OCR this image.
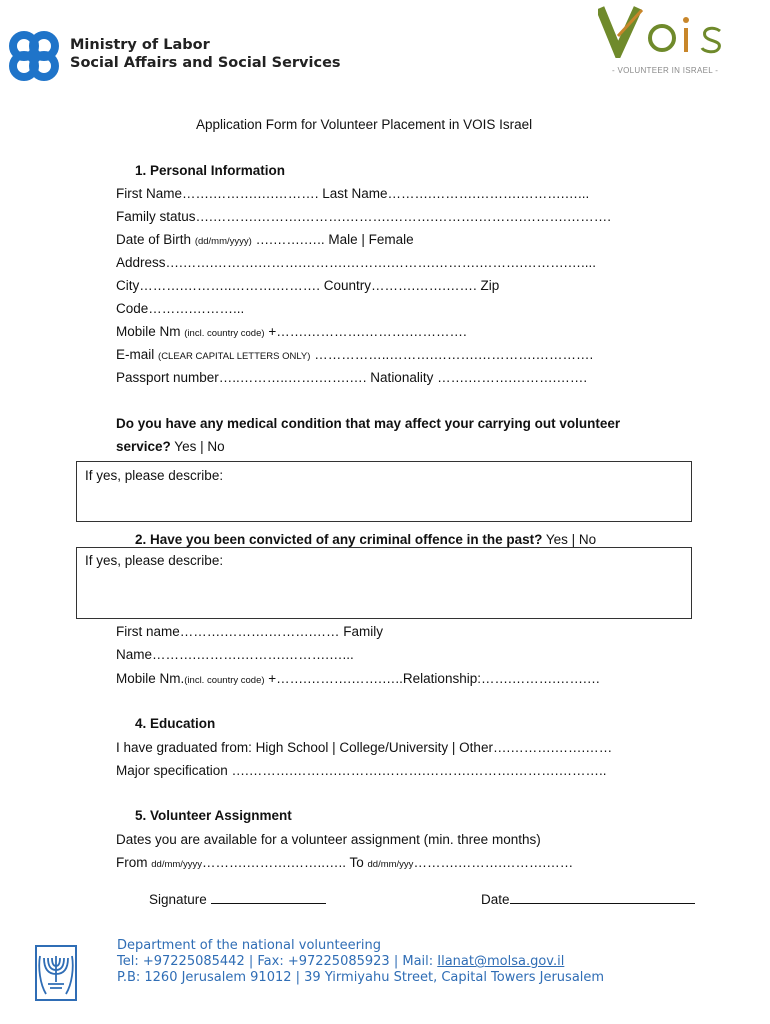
Ministry of Labor
Social Affairs and Social Services	- VOLUNTEER IN ISRAEL -
Application Form for Volunteer Placement in VOIS Israel
1. Personal Information
First Name…….……….….………. Last Name……….……….……….……….…...
Family status….……….……….……….……….……….……….……….……….……….
Date of Birth (dd/mm/yyyy) ….…….….. Male | Female
Address….…….……….……….……….……….……….……….……….……….…....
City……….………..……….………. Country……….…….……. Zip
Code……….………...
Mobile Nm (incl. country code) +…….………….……….………….
E-mail (CLEAR CAPITAL LETTERS ONLY) ……………..……….……….………….………….
Passport number…..………..…….…….…. Nationality …….……….……….…….
Do you have any medical condition that may affect your carrying out volunteer
service? Yes | No
If yes, please describe:
2. Have you been convicted of any criminal offence in the past? Yes | No
If yes, please describe:
First name……….……….……….…… Family
Name……….……….……….……….…...
Mobile Nm.(incl. country code) +…….……….…….…..Relationship:…….……….…….…
4. Education
I have graduated from: High School | College/University | Other….……….…….……
Major specification ….……….……….……….……….……….……….……….………..
5. Volunteer Assignment
Dates you are available for a volunteer assignment (min. three months)
From dd/mm/yyyy……….……….……..….. To dd/mm/yyy……….……….……….……
Signature	Date
Department of the national volunteering
Tel: +97225085442 | Fax: +97225085923 | Mail: Ilanat@molsa.gov.il
P.B: 1260 Jerusalem 91012 | 39 Yirmiyahu Street, Capital Towers Jerusalem
